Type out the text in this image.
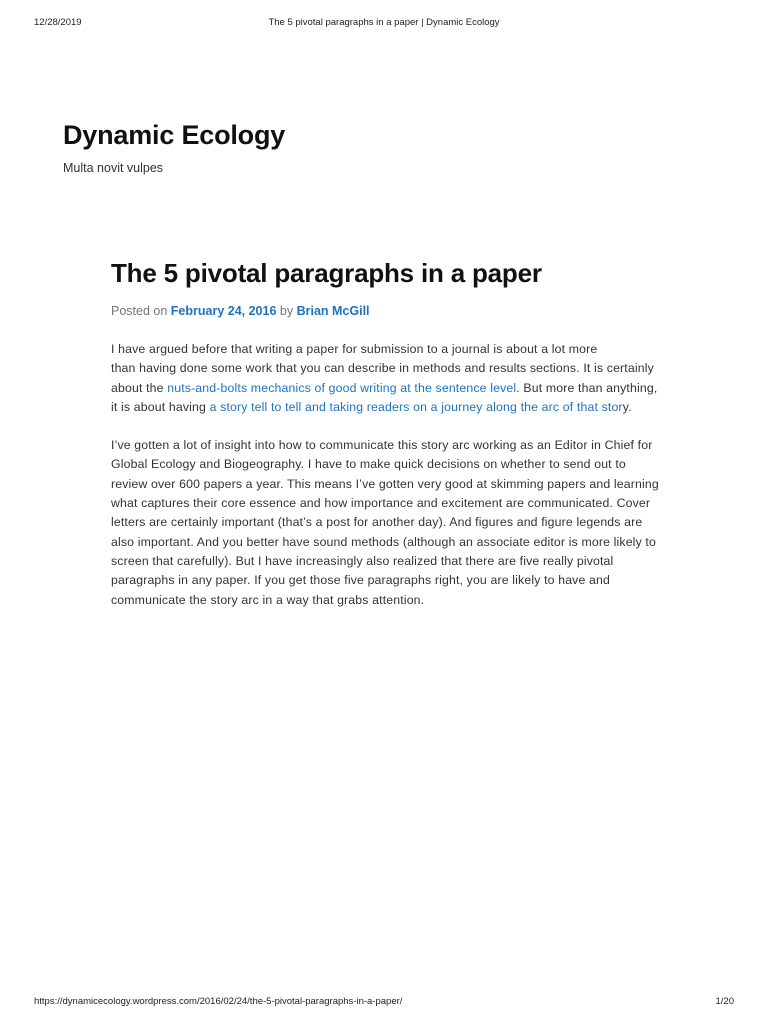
12/28/2019	The 5 pivotal paragraphs in a paper | Dynamic Ecology
Dynamic Ecology
Multa novit vulpes
The 5 pivotal paragraphs in a paper
Posted on February 24, 2016 by Brian McGill

I have argued before that writing a paper for submission to a journal is about a lot more
than having done some work that you can describe in methods and results sections. It is certainly about the nuts-and-bolts mechanics of good writing at the sentence level. But more than anything, it is about having a story tell to tell and taking readers on a journey along the arc of that story.

I’ve gotten a lot of insight into how to communicate this story arc working as an Editor in Chief for Global Ecology and Biogeography. I have to make quick decisions on whether to send out to review over 600 papers a year. This means I’ve gotten very good at skimming papers and learning what captures their core essence and how importance and excitement are communicated. Cover letters are certainly important (that’s a post for another day). And figures and figure legends are also important. And you better have sound methods (although an associate editor is more likely to screen that carefully). But I have increasingly also realized that there are five really pivotal paragraphs in any paper. If you get those five paragraphs right, you are likely to have and communicate the story arc in a way that grabs attention.

https://dynamicecology.wordpress.com/2016/02/24/the-5-pivotal-paragraphs-in-a-paper/	1/20
